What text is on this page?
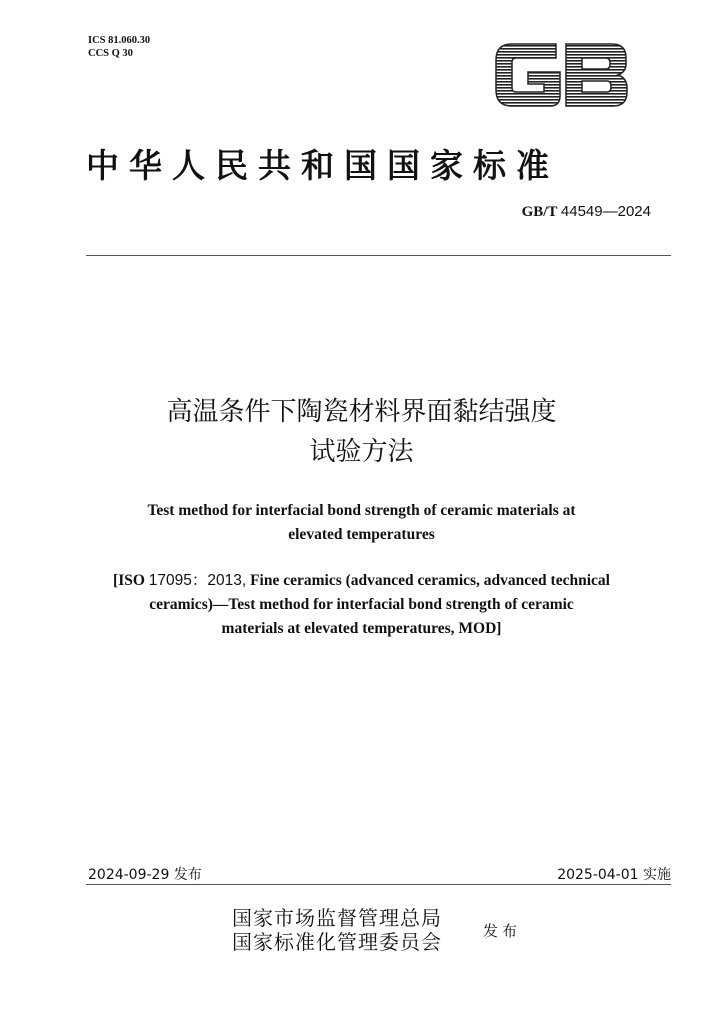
ICS 81.060.30
CCS Q 30
中华人民共和国国家标准
GB/T 44549—2024
高温条件下陶瓷材料界面黏结强度
试验方法
Test method for interfacial bond strength of ceramic materials at
elevated temperatures
[ISO 17095：2013, Fine ceramics (advanced ceramics, advanced technical
ceramics)—Test method for interfacial bond strength of ceramic
materials at elevated temperatures, MOD]
2024-09-29 发布	2025-04-01 实施
国家市场监督管理总局
国家标准化管理委员会	发布
